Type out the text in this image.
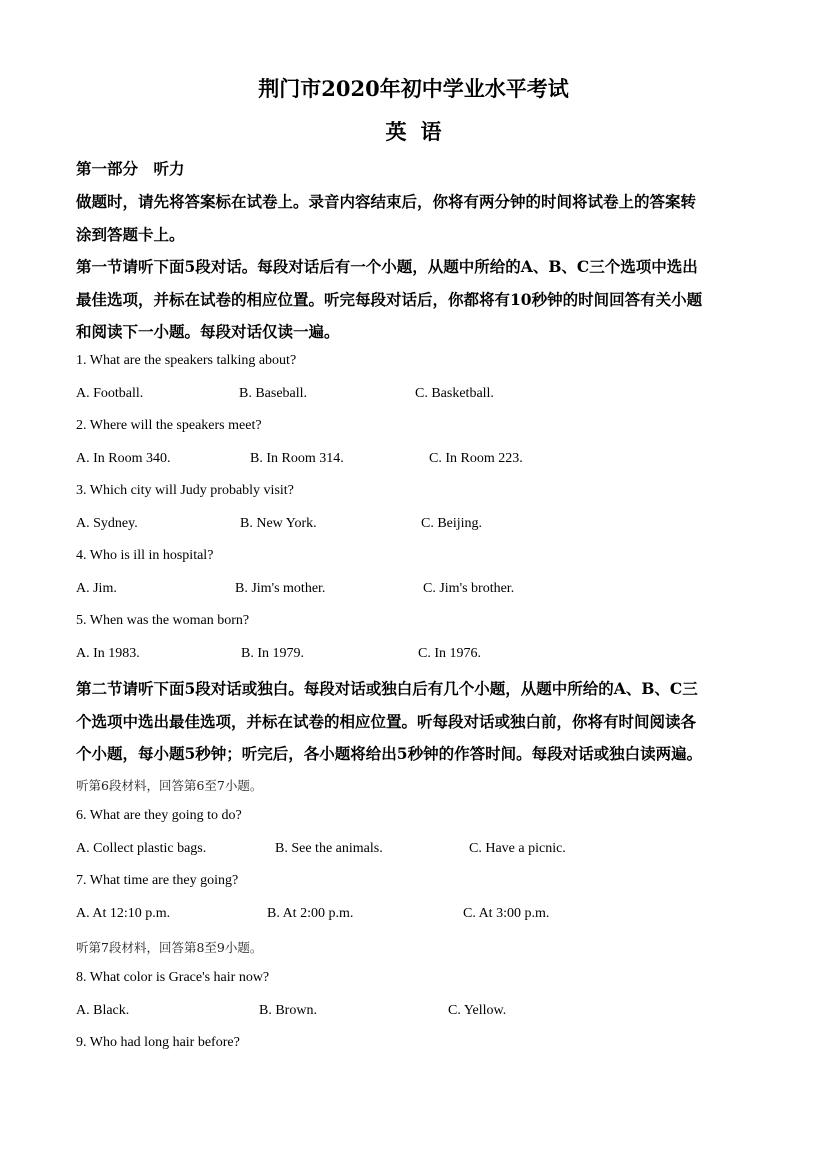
荆门市2020年初中学业水平考试
英语
第一部分　听力
做题时，请先将答案标在试卷上。录音内容结束后，你将有两分钟的时间将试卷上的答案转
涂到答题卡上。
第一节请听下面5段对话。每段对话后有一个小题，从题中所给的A、B、C三个选项中选出
最佳选项，并标在试卷的相应位置。听完每段对话后，你都将有10秒钟的时间回答有关小题
和阅读下一小题。每段对话仅读一遍。
1. What are the speakers talking about?
A. Football.	B. Baseball.	C. Basketball.
2. Where will the speakers meet?
A. In Room 340.	B. In Room 314.	C. In Room 223.
3. Which city will Judy probably visit?
A. Sydney.	B. New York.	C. Beijing.
4. Who is ill in hospital?
A. Jim.	B. Jim's mother.	C. Jim's brother.
5. When was the woman born?
A. In 1983.	B. In 1979.	C. In 1976.
第二节请听下面5段对话或独白。每段对话或独白后有几个小题，从题中所给的A、B、C三
个选项中选出最佳选项，并标在试卷的相应位置。听每段对话或独白前，你将有时间阅读各
个小题，每小题5秒钟；听完后，各小题将给出5秒钟的作答时间。每段对话或独白读两遍。
听第6段材料，回答第6至7小题。
6. What are they going to do?
A. Collect plastic bags.	B. See the animals.	C. Have a picnic.
7. What time are they going?
A. At 12:10 p.m.	B. At 2:00 p.m.	C. At 3:00 p.m.
听第7段材料，回答第8至9小题。
8. What color is Grace's hair now?
A. Black.	B. Brown.	C. Yellow.
9. Who had long hair before?
